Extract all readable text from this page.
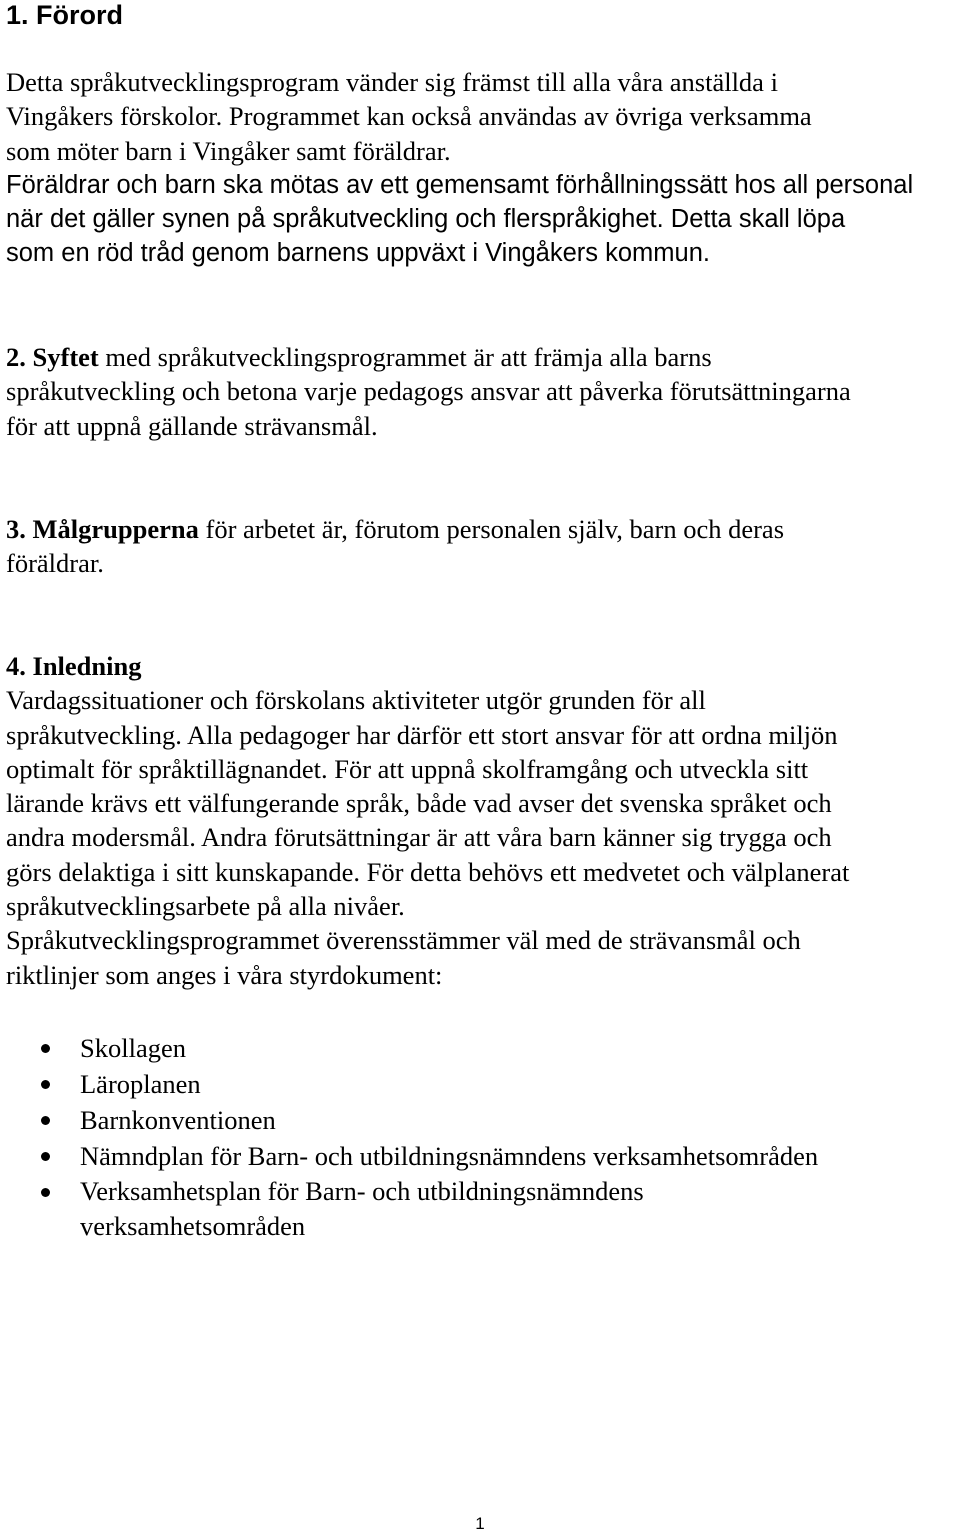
1. Förord
Detta språkutvecklingsprogram vänder sig främst till alla våra anställda i
Vingåkers förskolor. Programmet kan också användas av övriga verksamma
som möter barn i Vingåker samt föräldrar.
Föräldrar och barn ska mötas av ett gemensamt förhållningssätt hos all personal
när det gäller synen på språkutveckling och flerspråkighet. Detta skall löpa
som en röd tråd genom barnens uppväxt i Vingåkers kommun.
2. Syftet med språkutvecklingsprogrammet är att främja alla barns
språkutveckling och betona varje pedagogs ansvar att påverka förutsättningarna
för att uppnå gällande strävansmål.
3. Målgrupperna för arbetet är, förutom personalen själv, barn och deras
föräldrar.
4. Inledning
Vardagssituationer och förskolans aktiviteter utgör grunden för all
språkutveckling. Alla pedagoger har därför ett stort ansvar för att ordna miljön
optimalt för språktillägnandet. För att uppnå skolframgång och utveckla sitt
lärande krävs ett välfungerande språk, både vad avser det svenska språket och
andra modersmål. Andra förutsättningar är att våra barn känner sig trygga och
görs delaktiga i sitt kunskapande. För detta behövs ett medvetet och välplanerat
språkutvecklingsarbete på alla nivåer.
Språkutvecklingsprogrammet överensstämmer väl med de strävansmål och
riktlinjer som anges i våra styrdokument:
Skollagen
Läroplanen
Barnkonventionen
Nämndplan för Barn- och utbildningsnämndens verksamhetsområden
Verksamhetsplan för Barn- och utbildningsnämndens
verksamhetsområden
1
